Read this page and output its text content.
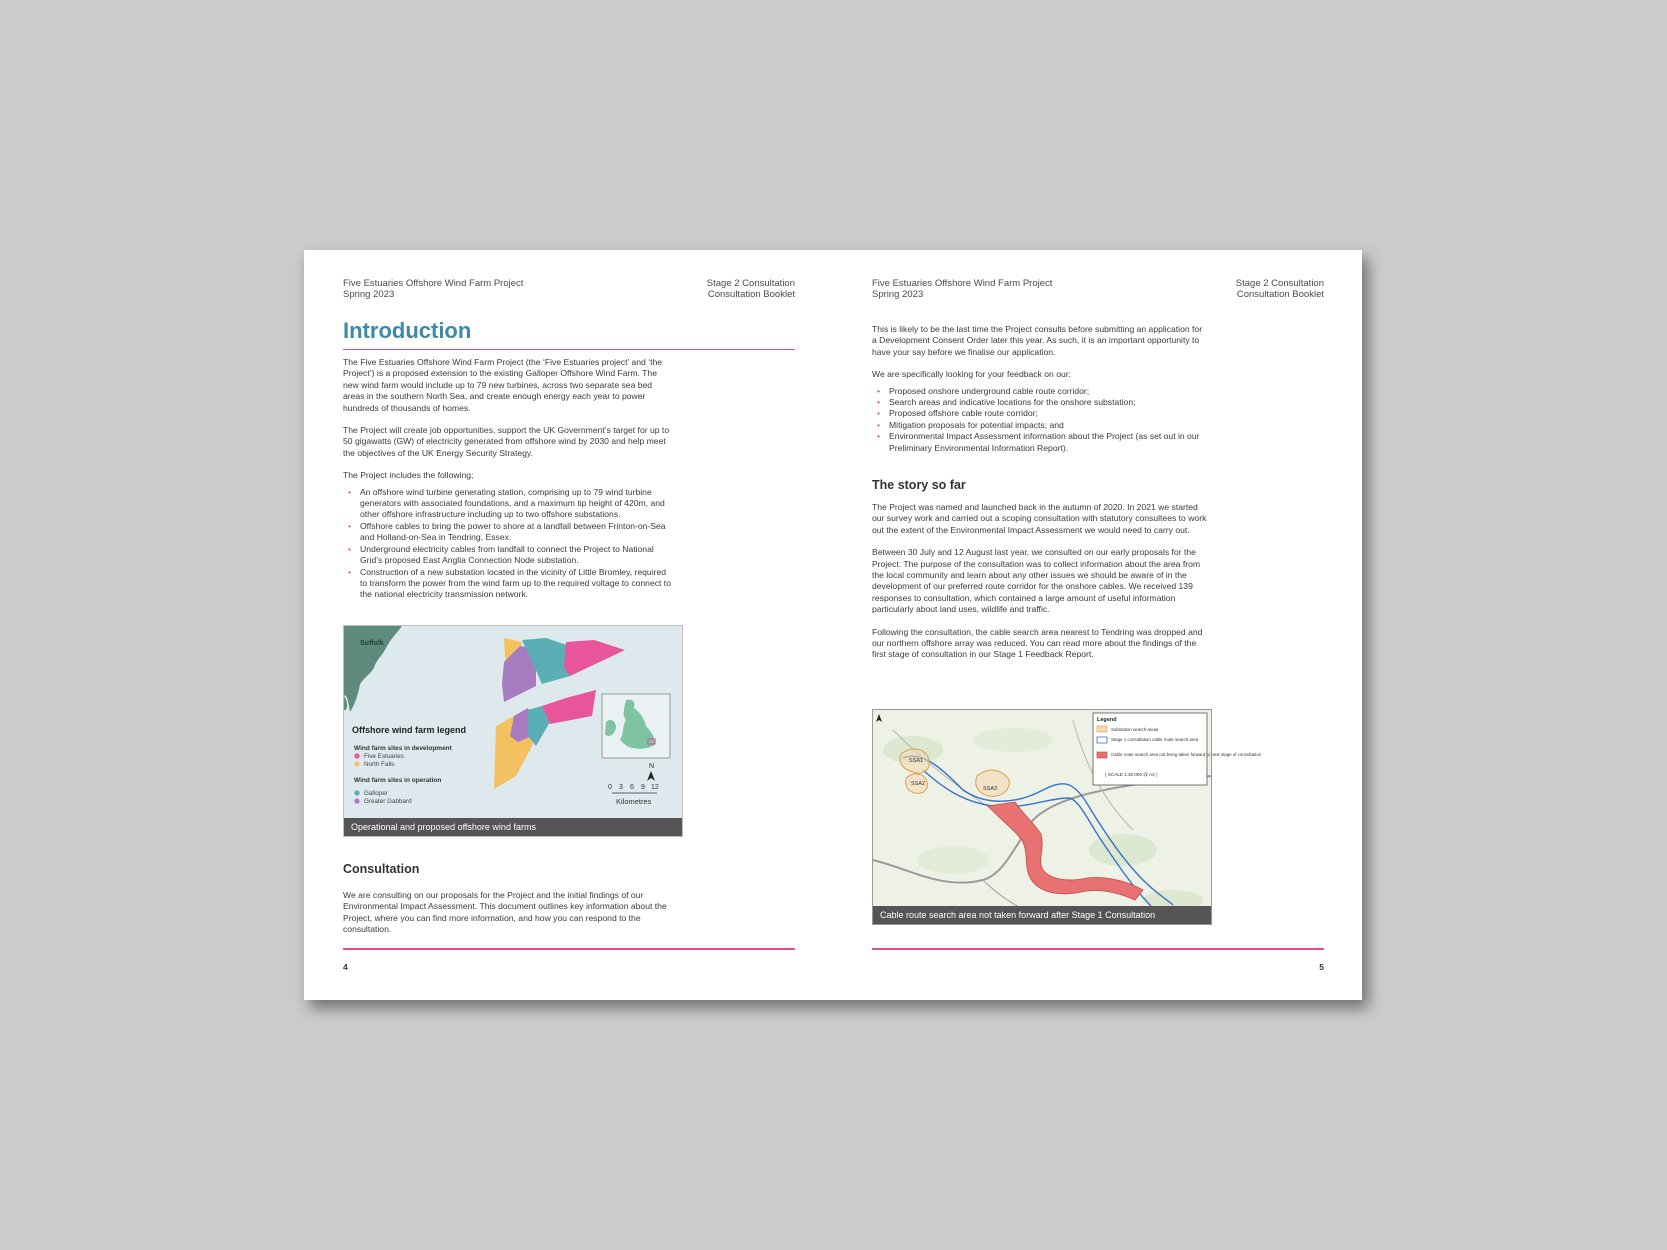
Five Estuaries Offshore Wind Farm Project
Spring 2023
Stage 2 Consultation
Consultation Booklet
Introduction

The Five Estuaries Offshore Wind Farm Project (the ‘Five Estuaries project’ and ‘the Project’) is a proposed extension to the existing Galloper Offshore Wind Farm. The new wind farm would include up to 79 new turbines, across two separate sea bed areas in the southern North Sea, and create enough energy each year to power hundreds of thousands of homes.

The Project will create job opportunities, support the UK Government’s target for up to 50 gigawatts (GW) of electricity generated from offshore wind by 2030 and help meet the objectives of the UK Energy Security Strategy.

The Project includes the following;

• An offshore wind turbine generating station, comprising up to 79 wind turbine generators with associated foundations, and a maximum tip height of 420m, and other offshore infrastructure including up to two offshore substations.
• Offshore cables to bring the power to shore at a landfall between Frinton-on-Sea and Holland-on-Sea in Tendring, Essex.
• Underground electricity cables from landfall to connect the Project to National Grid’s proposed East Anglia Connection Node substation.
• Construction of a new substation located in the vicinity of Little Bromley, required to transform the power from the wind farm up to the required voltage to connect to the national electricity transmission network.
N
0 3 6 9 12
Kilometres
Suffolk
Offshore wind farm legend
Wind farm sites in development
Five Estuaries
North Falls
Wind farm sites in operation
Galloper
Greater Gabbard
Operational and proposed offshore wind farms
Consultation

We are consulting on our proposals for the Project and the initial findings of our Environmental Impact Assessment. This document outlines key information about the Project, where you can find more information, and how you can respond to the consultation.

4
Five Estuaries Offshore Wind Farm Project
Spring 2023
Stage 2 Consultation
Consultation Booklet

This is likely to be the last time the Project consults before submitting an application for a Development Consent Order later this year. As such, it is an important opportunity to have your say before we finalise our application.

We are specifically looking for your feedback on our:

• Proposed onshore underground cable route corridor;
• Search areas and indicative locations for the onshore substation;
• Proposed offshore cable route corridor;
• Mitigation proposals for potential impacts; and
• Environmental Impact Assessment information about the Project (as set out in our Preliminary Environmental Information Report).
The story so far

The Project was named and launched back in the autumn of 2020. In 2021 we started our survey work and carried out a scoping consultation with statutory consultees to work out the extent of the Environmental Impact Assessment we would need to carry out.

Between 30 July and 12 August last year, we consulted on our early proposals for the Project. The purpose of the consultation was to collect information about the area from the local community and learn about any other issues we should be aware of in the development of our preferred route corridor for the onshore cables. We received 139 responses to consultation, which contained a large amount of useful information particularly about land uses, wildlife and traffic.

Following the consultation, the cable search area nearest to Tendring was dropped and our northern offshore array was reduced. You can read more about the findings of the first stage of consultation in our Stage 1 Feedback Report.

SSA1
SSA2
SSA3
Legend
Substation search areas
Stage 1 consultation cable route search area
Cable route search area not being taken forward to next stage of consultation
( SCALE 1:30,000 @ A3 )
Cable route search area not taken forward after Stage 1 Consultation
5
